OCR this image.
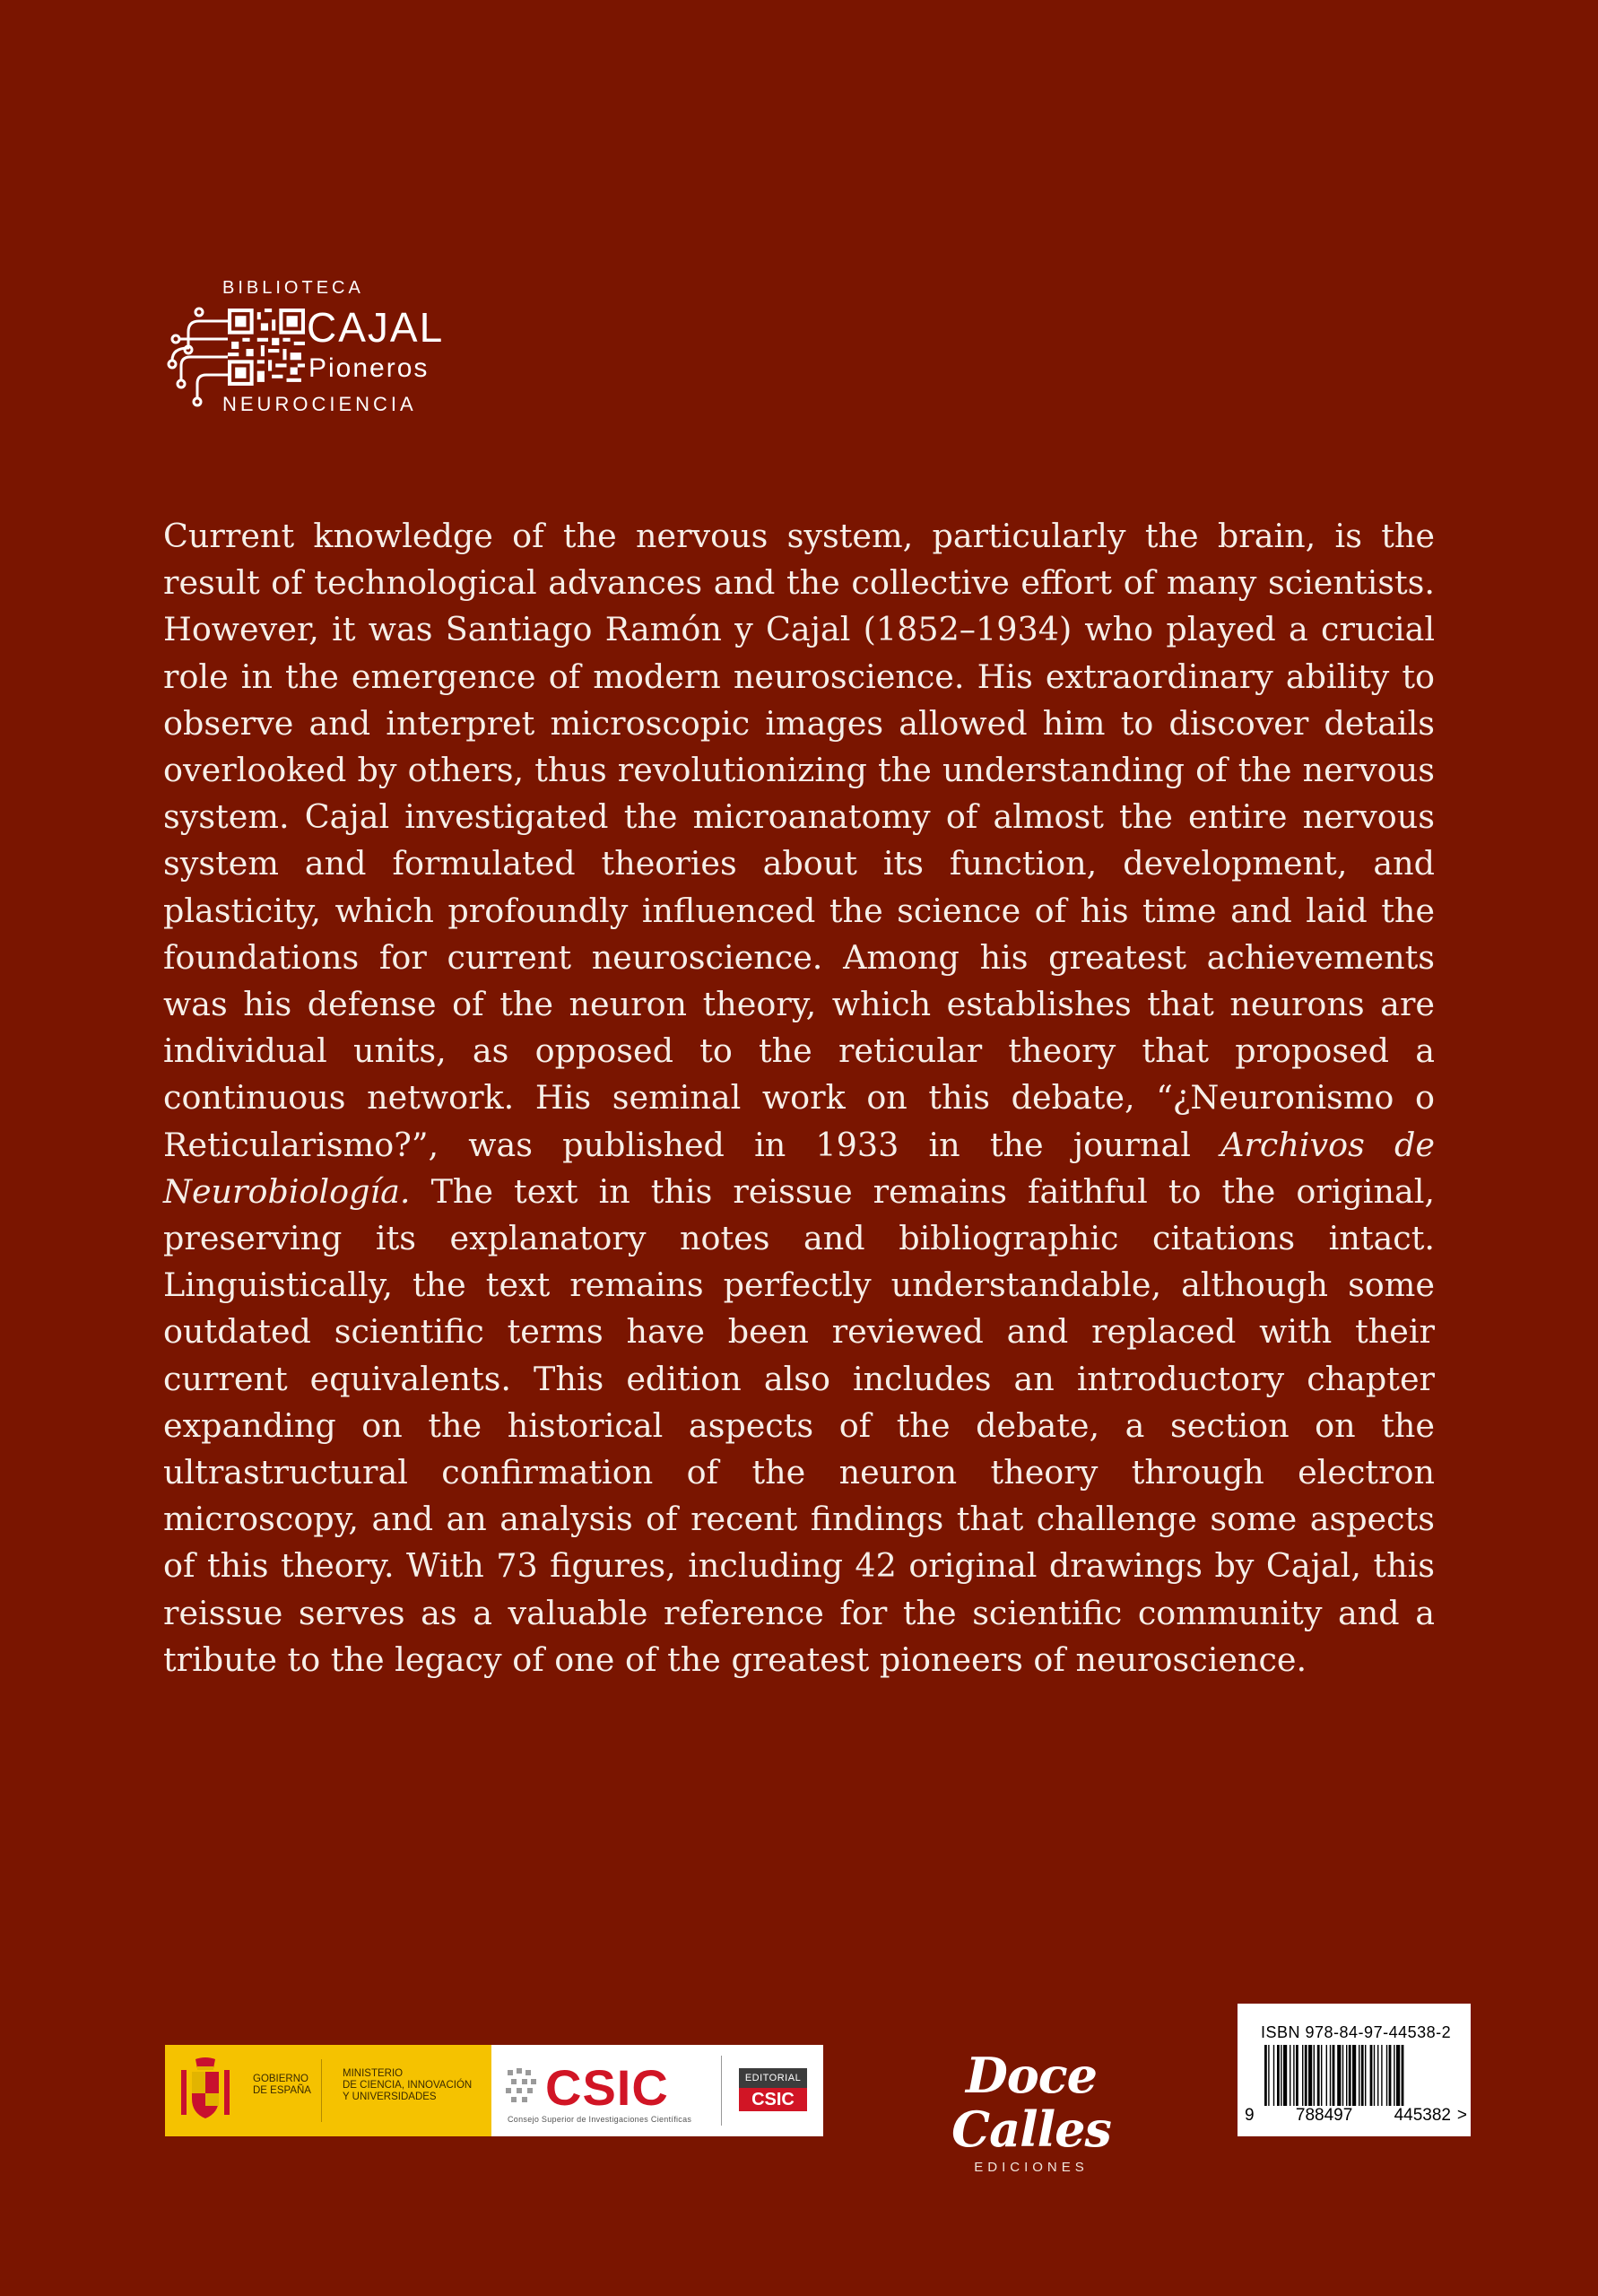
BIBLIOTECA
CAJAL
Pioneros
NEUROCIENCIA

Current knowledge of the nervous system, particularly the brain, is the result of technological advances and the collective effort of many scientists. However, it was Santiago Ramón y Cajal (1852–1934) who played a crucial role in the emergence of modern neuroscience. His extraordinary ability to observe and interpret microscopic images allowed him to discover details overlooked by others, thus revolutionizing the understanding of the nervous system. Cajal investigated the microanatomy of almost the entire nervous system and formulated theories about its function, development, and plasticity, which profoundly influenced the science of his time and laid the foundations for current neuroscience. Among his greatest achievements was his defense of the neuron theory, which establishes that neurons are individual units, as opposed to the reticular theory that proposed a continuous network. His seminal work on this debate, “¿Neuronismo o Reticularismo?”, was published in 1933 in the journal Archivos de Neurobiología. The text in this reissue remains faithful to the original, preserving its explanatory notes and bibliographic citations intact. Linguistically, the text remains perfectly understandable, although some outdated scientific terms have been reviewed and replaced with their current equivalents. This edition also includes an introductory chapter expanding on the historical aspects of the debate, a section on the ultrastructural confirmation of the neuron theory through electron microscopy, and an analysis of recent findings that challenge some aspects of this theory. With 73 figures, including 42 original drawings by Cajal, this reissue serves as a valuable reference for the scientific community and a tribute to the legacy of one of the greatest pioneers of neuroscience.

GOBIERNO
DE ESPAÑA
MINISTERIO
DE CIENCIA, INNOVACIÓN
Y UNIVERSIDADES	CSIC
Consejo Superior de Investigaciones Científicas
EDITORIAL
CSIC	Doce Calles
EDICIONES
ISBN 978-84-97-44538-2
9 788497 445382 >
